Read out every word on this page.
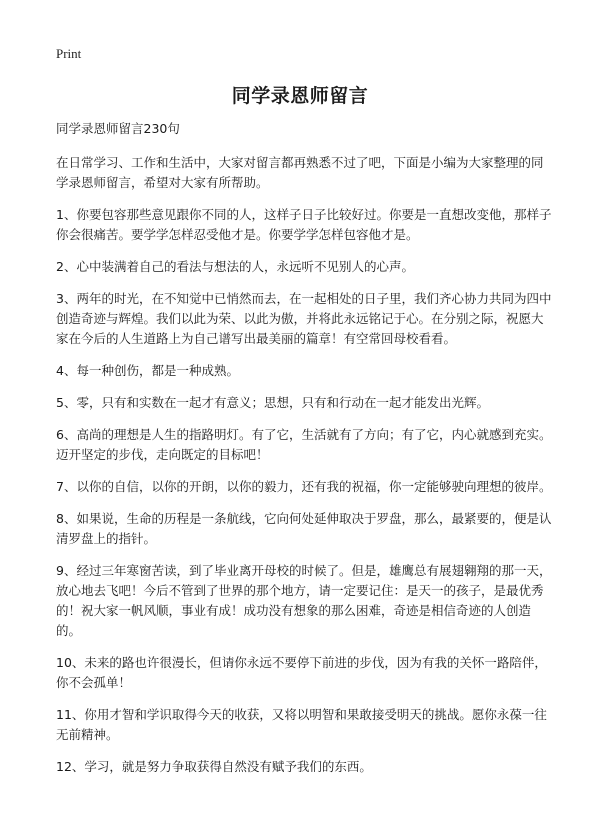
Print
同学录恩师留言

同学录恩师留言230句

在日常学习、工作和生活中，大家对留言都再熟悉不过了吧，下面是小编为大家整理的同学录恩师留言，希望对大家有所帮助。

1、你要包容那些意见跟你不同的人，这样子日子比较好过。你要是一直想改变他，那样子你会很痛苦。要学学怎样忍受他才是。你要学学怎样包容他才是。

2、心中装满着自己的看法与想法的人，永远听不见别人的心声。

3、两年的时光，在不知觉中已悄然而去，在一起相处的日子里，我们齐心协力共同为四中创造奇迹与辉煌。我们以此为荣、以此为傲，并将此永远铭记于心。在分别之际，祝愿大家在今后的人生道路上为自己谱写出最美丽的篇章！有空常回母校看看。

4、每一种创伤，都是一种成熟。

5、零，只有和实数在一起才有意义；思想，只有和行动在一起才能发出光辉。

6、高尚的理想是人生的指路明灯。有了它，生活就有了方向；有了它，内心就感到充实。迈开坚定的步伐，走向既定的目标吧！

7、以你的自信，以你的开朗，以你的毅力，还有我的祝福，你一定能够驶向理想的彼岸。

8、如果说，生命的历程是一条航线，它向何处延伸取决于罗盘，那么，最紧要的，便是认清罗盘上的指针。

9、经过三年寒窗苦读，到了毕业离开母校的时候了。但是，雄鹰总有展翅翱翔的那一天，放心地去飞吧！今后不管到了世界的那个地方，请一定要记住：是天一的孩子，是最优秀的！祝大家一帆风顺，事业有成！成功没有想象的那么困难，奇迹是相信奇迹的人创造的。

10、未来的路也许很漫长，但请你永远不要停下前进的步伐，因为有我的关怀一路陪伴，你不会孤单！

11、你用才智和学识取得今天的收获，又将以明智和果敢接受明天的挑战。愿你永葆一往无前精神。

12、学习，就是努力争取获得自然没有赋予我们的东西。
